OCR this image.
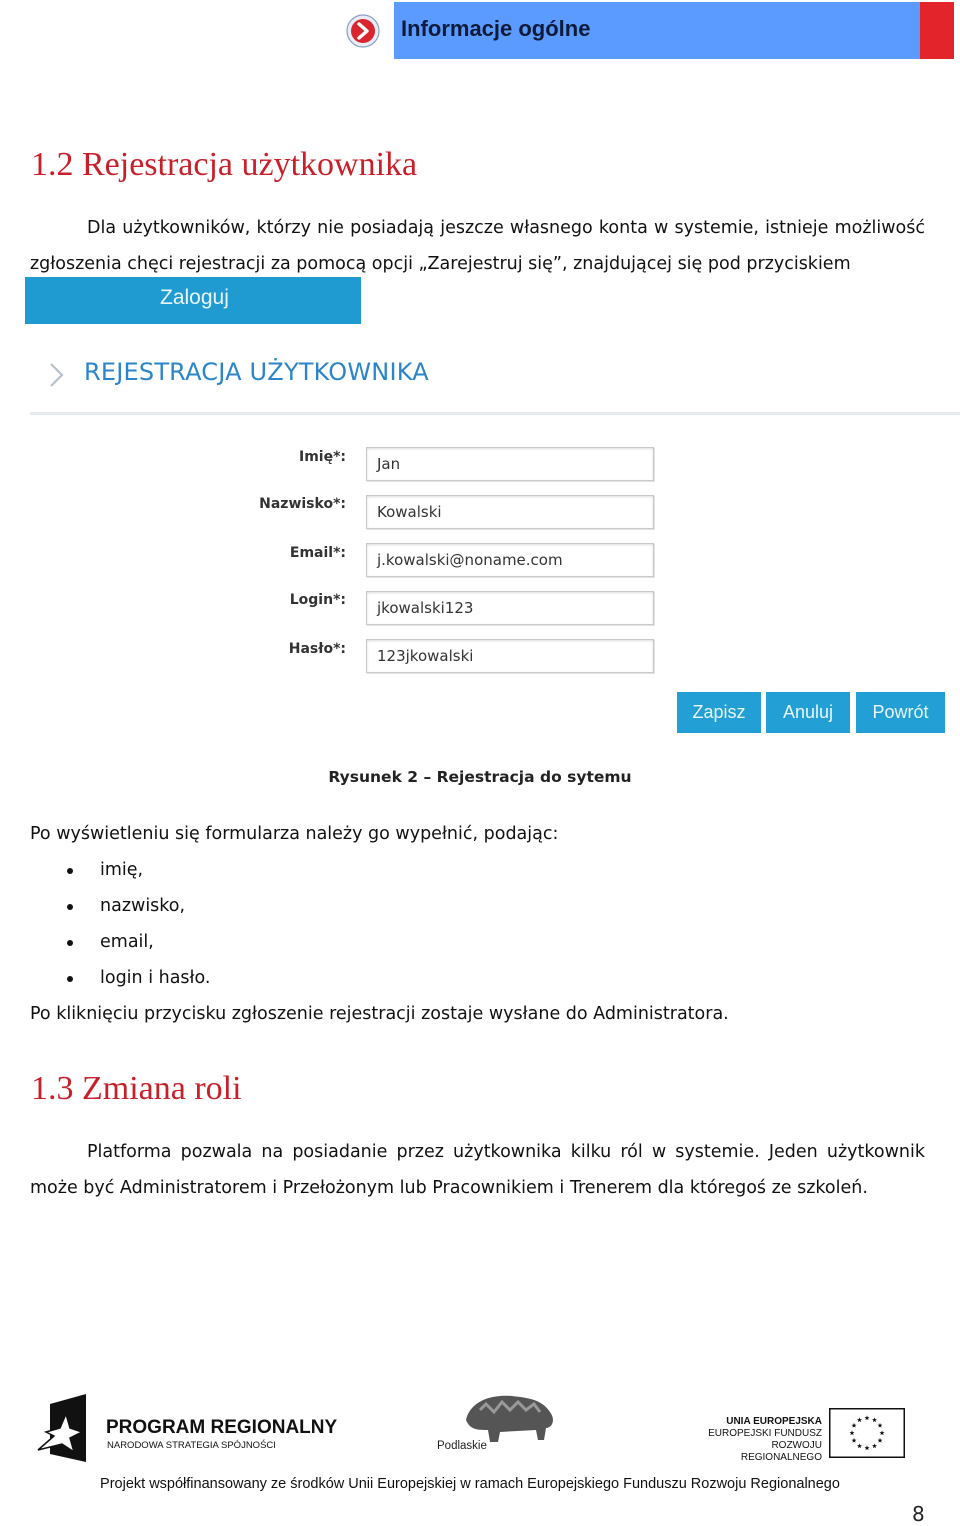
Informacje ogólne
1.2 Rejestracja użytkownika
Dla użytkowników, którzy nie posiadają jeszcze własnego konta w systemie, istnieje możliwość
zgłoszenia chęci rejestracji za pomocą opcji „Zarejestruj się”, znajdującej się pod przyciskiem
Zaloguj
REJESTRACJA UŻYTKOWNIKA
Imię*: Jan
Nazwisko*: Kowalski
Email*: j.kowalski@noname.com
Login*: jkowalski123
Hasło*: 123jkowalski
Zapisz	Anuluj	Powrót
Rysunek 2 – Rejestracja do sytemu
Po wyświetleniu się formularza należy go wypełnić, podając:
imię,
nazwisko,
email,
login i hasło.
Po kliknięciu przycisku zgłoszenie rejestracji zostaje wysłane do Administratora.
1.3 Zmiana roli
Platforma pozwala na posiadanie przez użytkownika kilku ról w systemie. Jeden użytkownik
może być Administratorem i Przełożonym lub Pracownikiem i Trenerem dla któregoś ze szkoleń.
PROGRAM REGIONALNY
NARODOWA STRATEGIA SPÓJNOŚCI	Podlaskie
UNIA EUROPEJSKA
EUROPEJSKI FUNDUSZ
ROZWOJU REGIONALNEGO
Projekt współfinansowany ze środków Unii Europejskiej w ramach Europejskiego Funduszu Rozwoju Regionalnego
8
